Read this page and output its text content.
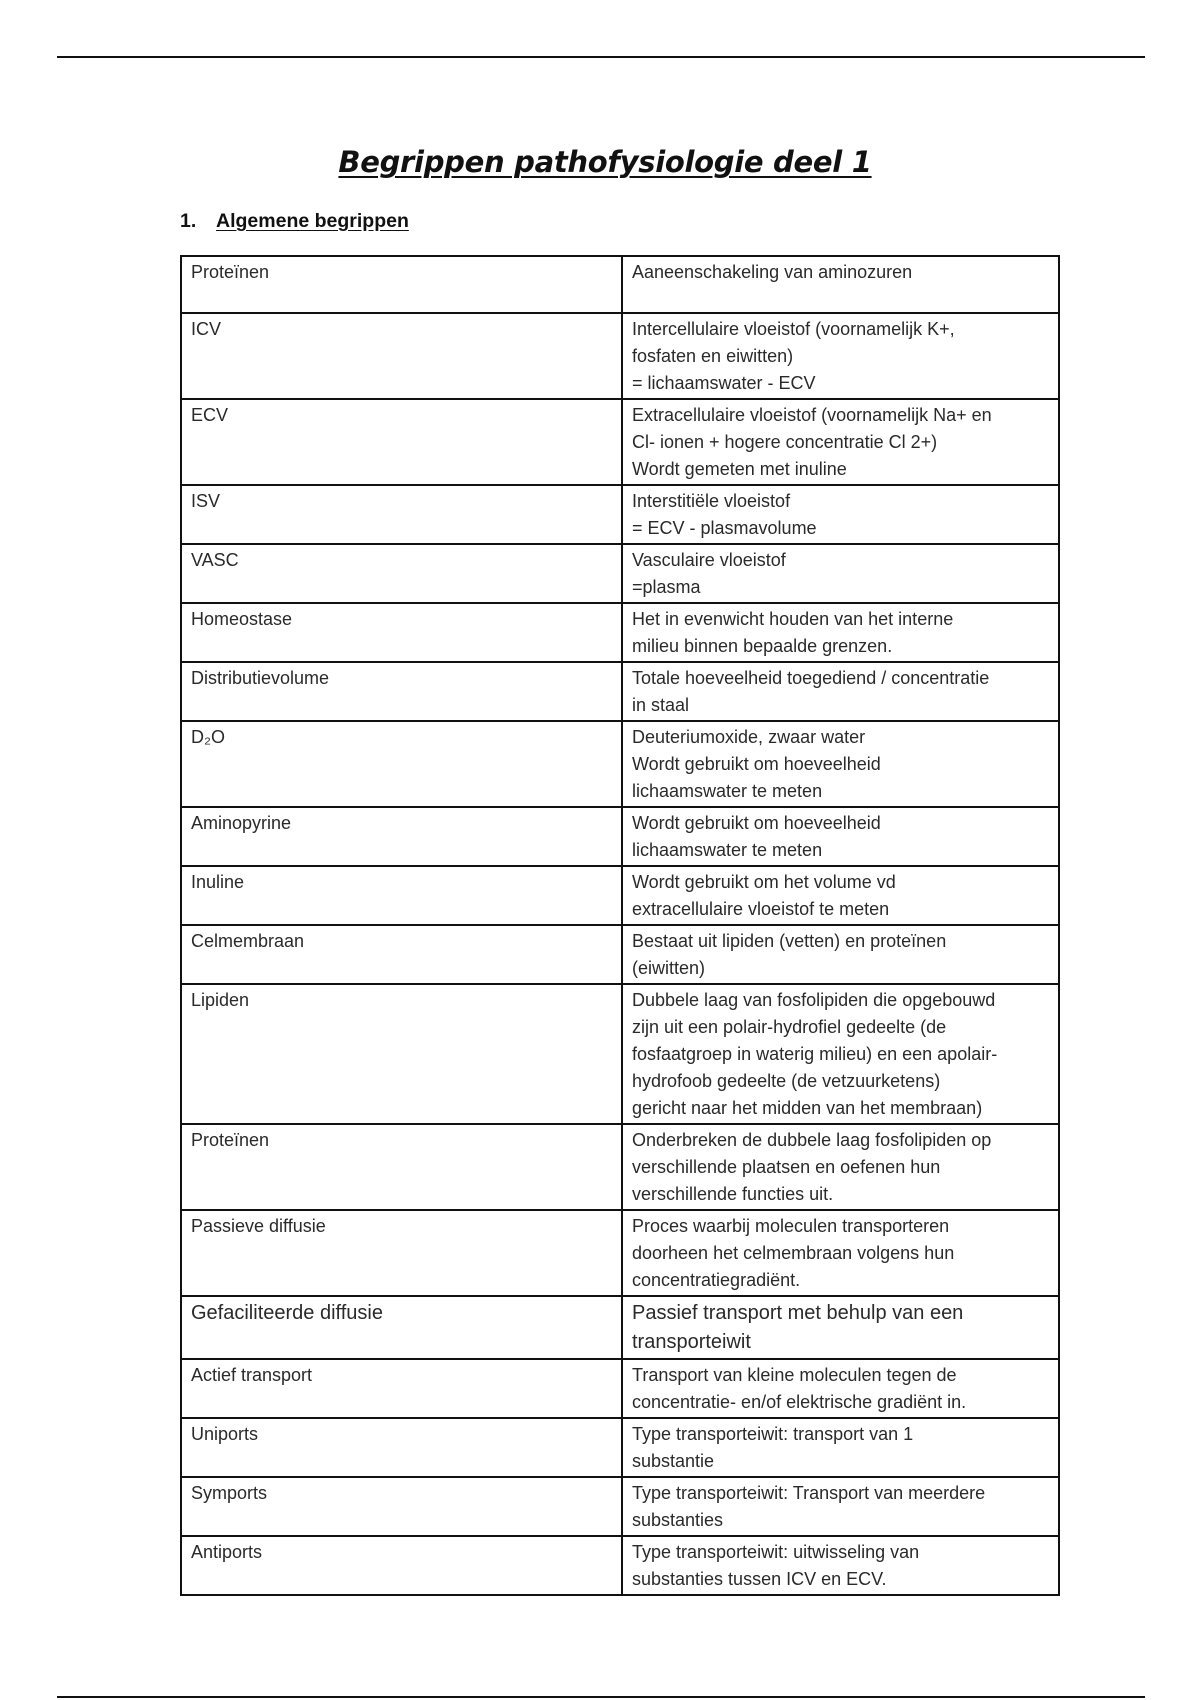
Begrippen pathofysiologie deel 1
1. Algemene begrippen
Proteïnen	Aaneenschakeling van aminozuren

ICV	Intercellulaire vloeistof (voornamelijk K+,
fosfaten en eiwitten)
= lichaamswater - ECV

ECV	Extracellulaire vloeistof (voornamelijk Na+ en
Cl- ionen + hogere concentratie Cl 2+)
Wordt gemeten met inuline

ISV	Interstitiële vloeistof
= ECV - plasmavolume

VASC	Vasculaire vloeistof
=plasma

Homeostase	Het in evenwicht houden van het interne
milieu binnen bepaalde grenzen.

Distributievolume	Totale hoeveelheid toegediend / concentratie
in staal

D₂O	Deuteriumoxide, zwaar water
Wordt gebruikt om hoeveelheid
lichaamswater te meten

Aminopyrine	Wordt gebruikt om hoeveelheid
lichaamswater te meten

Inuline	Wordt gebruikt om het volume vd
extracellulaire vloeistof te meten

Celmembraan	Bestaat uit lipiden (vetten) en proteïnen
(eiwitten)

Lipiden	Dubbele laag van fosfolipiden die opgebouwd
zijn uit een polair-hydrofiel gedeelte (de
fosfaatgroep in waterig milieu) en een apolair-
hydrofoob gedeelte (de vetzuurketens)
gericht naar het midden van het membraan)

Proteïnen	Onderbreken de dubbele laag fosfolipiden op
verschillende plaatsen en oefenen hun
verschillende functies uit.

Passieve diffusie	Proces waarbij moleculen transporteren
doorheen het celmembraan volgens hun
concentratiegradiënt.

Gefaciliteerde diffusie	Passief transport met behulp van een
transporteiwit

Actief transport	Transport van kleine moleculen tegen de
concentratie- en/of elektrische gradiënt in.

Uniports	Type transporteiwit: transport van 1
substantie

Symports	Type transporteiwit: Transport van meerdere
substanties

Antiports	Type transporteiwit: uitwisseling van
substanties tussen ICV en ECV.
